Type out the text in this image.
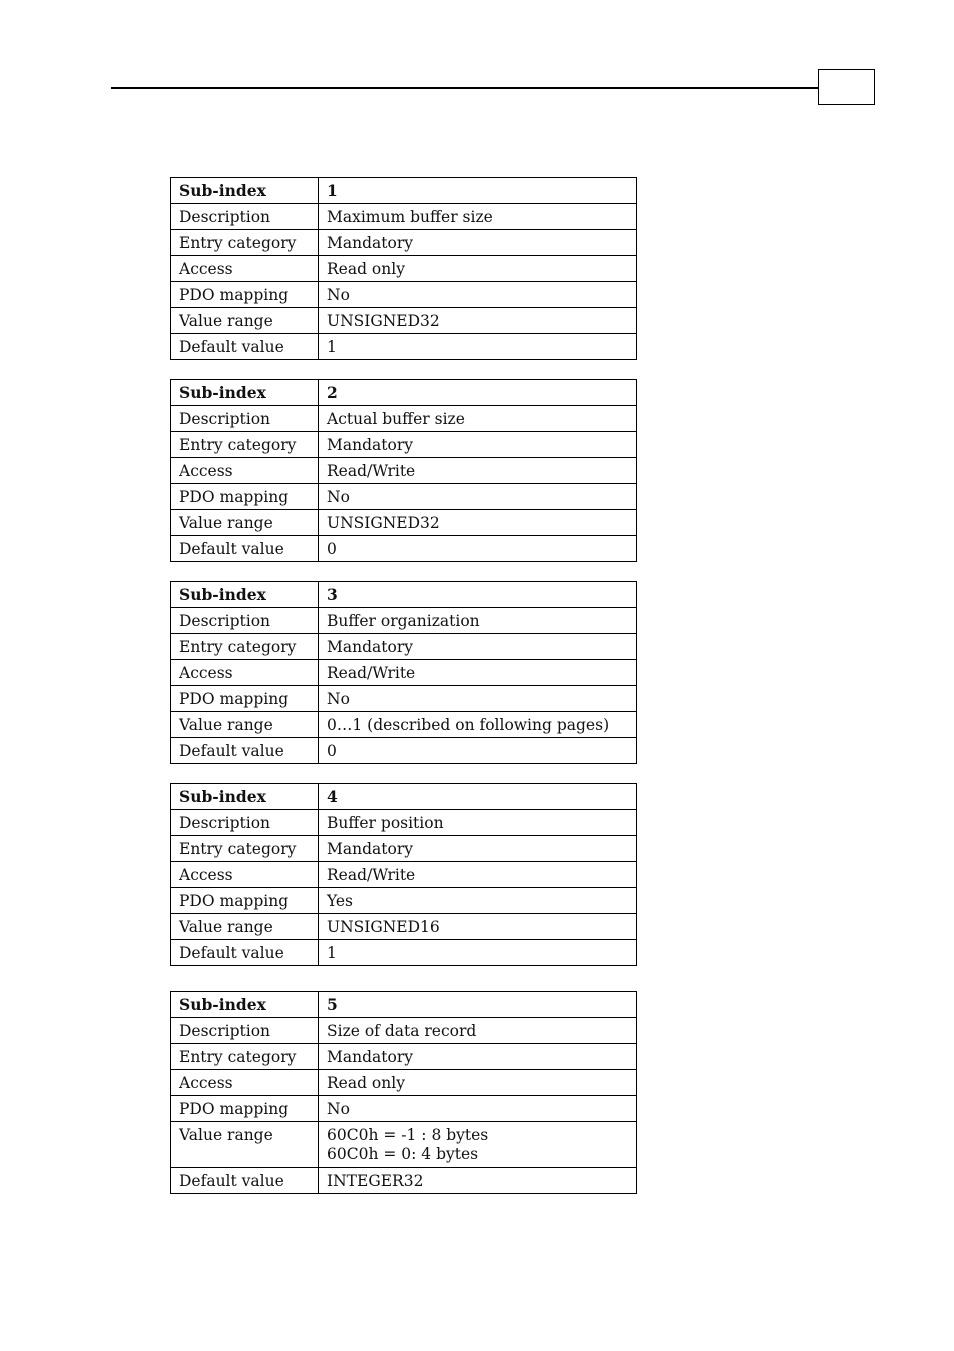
Sub-index	1
Description	Maximum buffer size
Entry category	Mandatory
Access	Read only
PDO mapping	No
Value range	UNSIGNED32
Default value	1
Sub-index	2
Description	Actual buffer size
Entry category	Mandatory
Access	Read/Write
PDO mapping	No
Value range	UNSIGNED32
Default value	0
Sub-index	3
Description	Buffer organization
Entry category	Mandatory
Access	Read/Write
PDO mapping	No
Value range	0…1 (described on following pages)
Default value	0
Sub-index	4
Description	Buffer position
Entry category	Mandatory
Access	Read/Write
PDO mapping	Yes
Value range	UNSIGNED16
Default value	1
Sub-index	5
Description	Size of data record
Entry category	Mandatory
Access	Read only
PDO mapping	No
Value range	60C0h = -1 : 8 bytes
60C0h = 0: 4 bytes

Default value	INTEGER32
